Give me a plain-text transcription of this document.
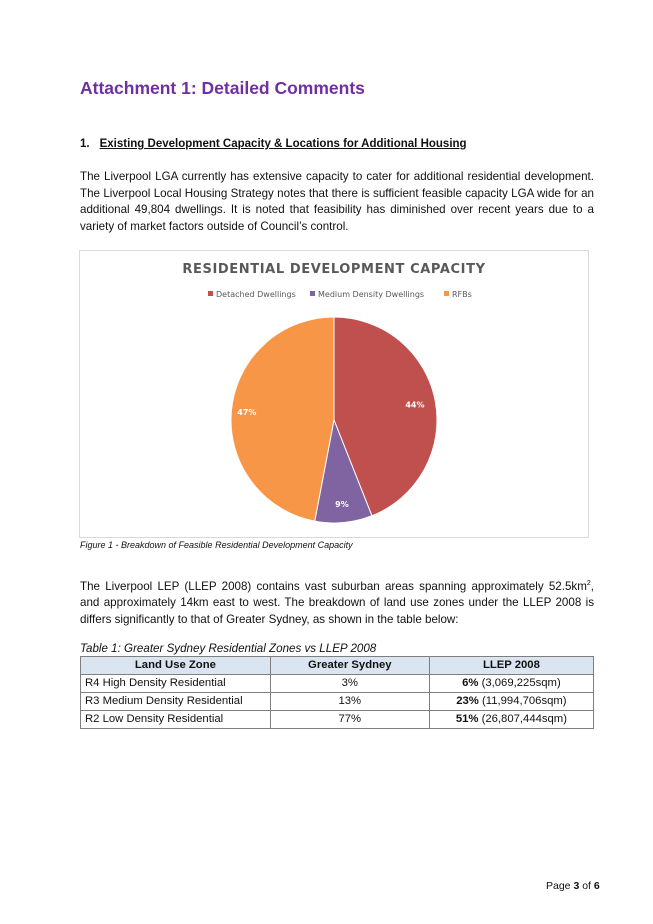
Attachment 1: Detailed Comments
1. Existing Development Capacity & Locations for Additional Housing

The Liverpool LGA currently has extensive capacity to cater for additional residential development. The Liverpool Local Housing Strategy notes that there is sufficient feasible capacity LGA wide for an additional 49,804 dwellings. It is noted that feasibility has diminished over recent years due to a variety of market factors outside of Council’s control.

RESIDENTIAL DEVELOPMENT CAPACITY
Detached Dwellings	Medium Density Dwellings	RFBs
44%
9%
47%
Figure 1 - Breakdown of Feasible Residential Development Capacity

The Liverpool LEP (LLEP 2008) contains vast suburban areas spanning approximately $52.5km^2$, and approximately 14km east to west. The breakdown of land use zones under the LLEP 2008 is differs significantly to that of Greater Sydney, as shown in the table below:

Table 1: Greater Sydney Residential Zones vs LLEP 2008
Land Use Zone	Greater Sydney	LLEP 2008
R4 High Density Residential	3%	6% (3,069,225sqm)
R3 Medium Density Residential	13%	23% (11,994,706sqm)
R2 Low Density Residential	77%	51% (26,807,444sqm)
Page 3 of 6
